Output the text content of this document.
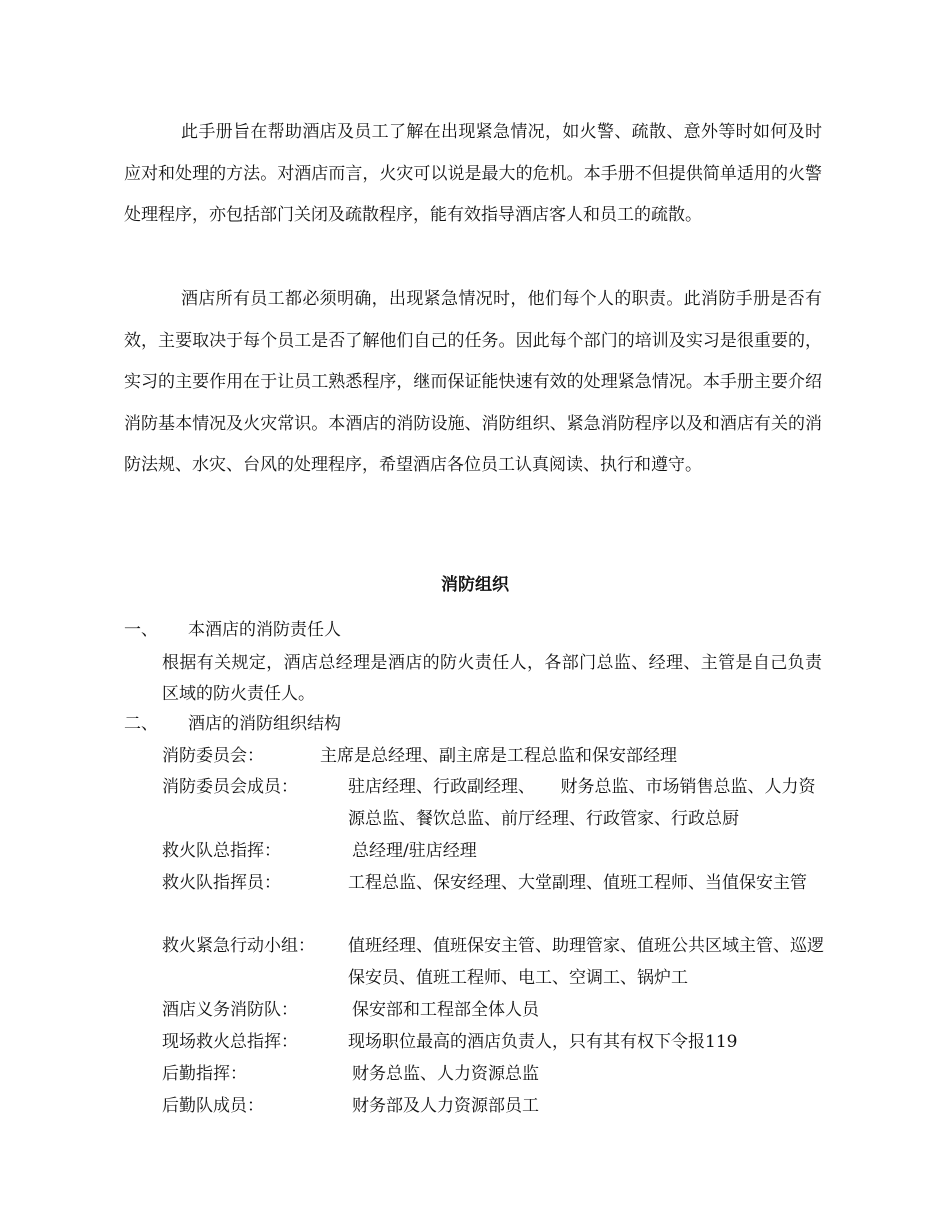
此手册旨在帮助酒店及员工了解在出现紧急情况，如火警、疏散、意外等时如何及时应对和处理的方法。对酒店而言，火灾可以说是最大的危机。本手册不但提供简单适用的火警处理程序，亦包括部门关闭及疏散程序，能有效指导酒店客人和员工的疏散。

酒店所有员工都必须明确，出现紧急情况时，他们每个人的职责。此消防手册是否有效，主要取决于每个员工是否了解他们自己的任务。因此每个部门的培训及实习是很重要的，实习的主要作用在于让员工熟悉程序，继而保证能快速有效的处理紧急情况。本手册主要介绍消防基本情况及火灾常识。本酒店的消防设施、消防组织、紧急消防程序以及和酒店有关的消防法规、水灾、台风的处理程序，希望酒店各位员工认真阅读、执行和遵守。

消防组织
一、 本酒店的消防责任人

根据有关规定，酒店总经理是酒店的防火责任人，各部门总监、经理、主管是自己负责区域的防火责任人。

二、 酒店的消防组织结构
消防委员会：	主席是总经理、副主席是工程总监和保安部经理
消防委员会成员：	驻店经理、行政副经理、　　财务总监、市场销售总监、人力资源总监、餐饮总监、前厅经理、行政管家、行政总厨
救火队总指挥：	总经理/驻店经理
救火队指挥员：	工程总监、保安经理、大堂副理、值班工程师、当值保安主管
救火紧急行动小组： 值班经理、值班保安主管、助理管家、值班公共区域主管、巡逻保安员、值班工程师、电工、空调工、锅炉工
酒店义务消防队：	保安部和工程部全体人员
现场救火总指挥：	现场职位最高的酒店负责人，只有其有权下令报119
后勤指挥：	财务总监、人力资源总监
后勤队成员：	财务部及人力资源部员工
